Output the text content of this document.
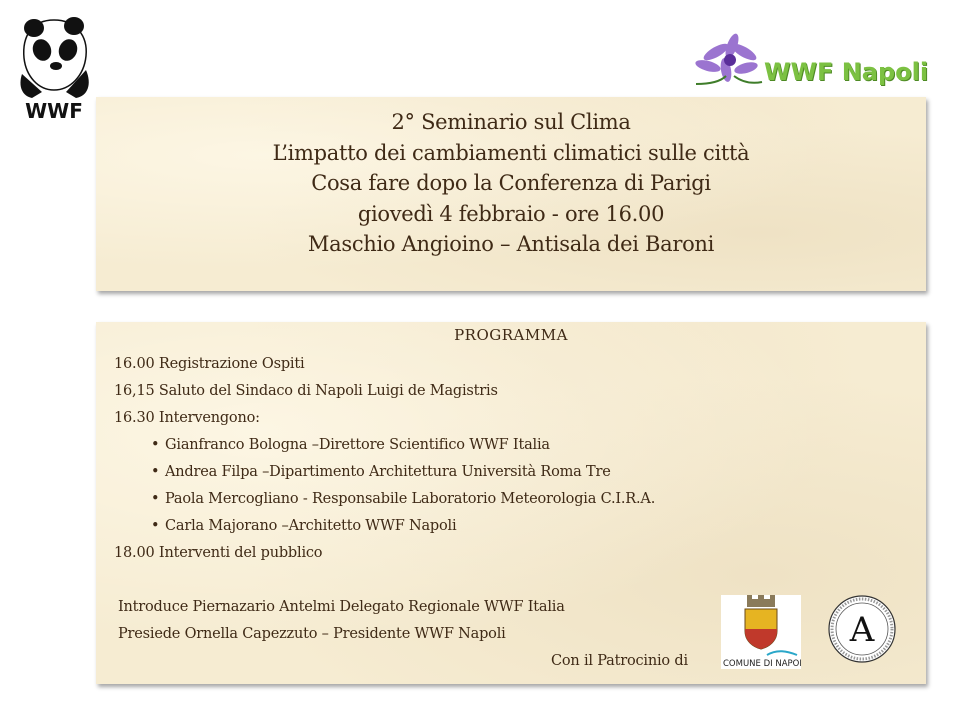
WWF
WWF Napoli
2° Seminario sul Clima
L’impatto dei cambiamenti climatici sulle città
Cosa fare dopo la Conferenza di Parigi
giovedì 4 febbraio - ore 16.00
Maschio Angioino – Antisala dei Baroni
PROGRAMMA
16.00 Registrazione Ospiti
16,15 Saluto del Sindaco di Napoli Luigi de Magistris
16.30 Intervengono:
• Gianfranco Bologna –Direttore Scientifico WWF Italia
• Andrea Filpa –Dipartimento Architettura Università Roma Tre
• Paola Mercogliano - Responsabile Laboratorio Meteorologia C.I.R.A.
• Carla Majorano –Architetto WWF Napoli
18.00 Interventi del pubblico
Introduce Piernazario Antelmi Delegato Regionale WWF Italia
Presiede Ornella Capezzuto – Presidente WWF Napoli
Con il Patrocinio di	COMUNE DI NAPOLI
A
